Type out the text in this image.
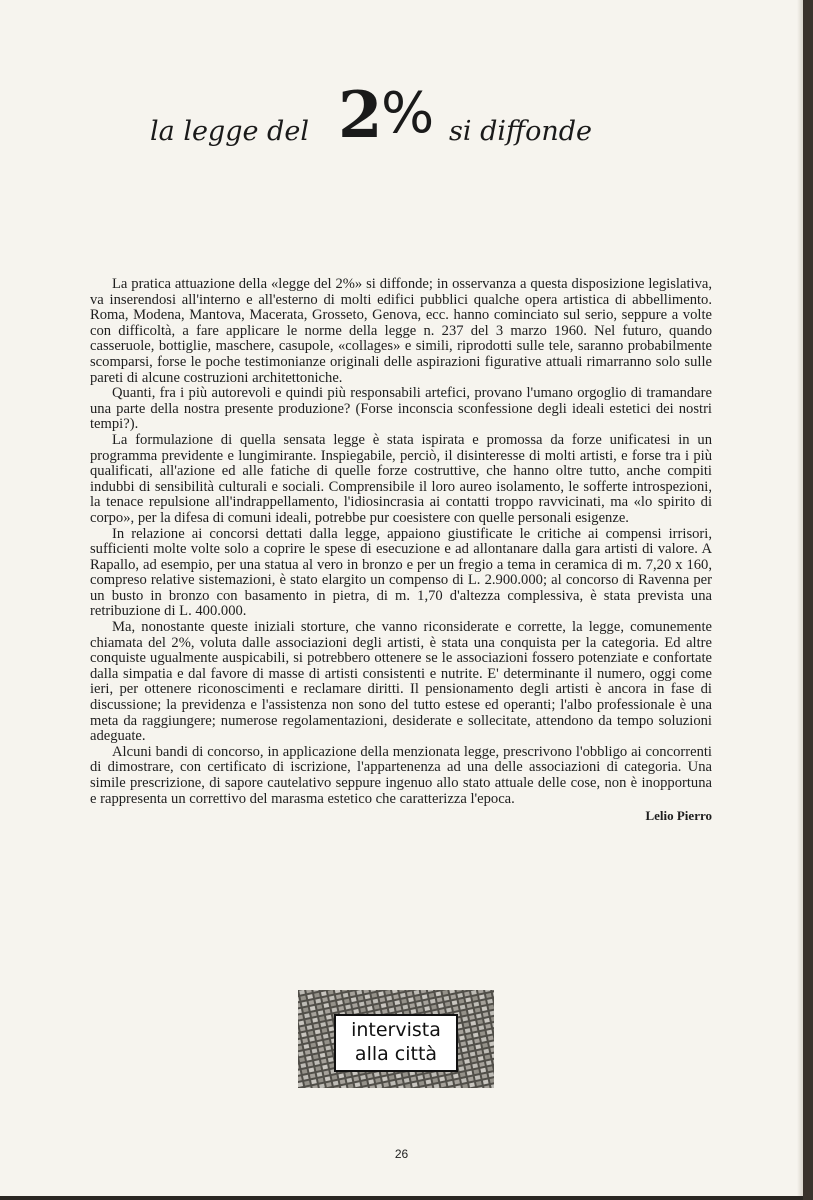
la legge del 2
% si diffonde

La pratica attuazione della «legge del 2%» si diffonde; in osservanza a questa disposizione legislativa, va inserendosi all'interno e all'esterno di molti edifici pubblici qualche opera artistica di abbellimento. Roma, Modena, Mantova, Macerata, Grosseto, Genova, ecc. hanno cominciato sul serio, seppure a volte con difficoltà, a fare applicare le norme della legge n. 237 del 3 marzo 1960. Nel futuro, quando casseruole, bottiglie, maschere, casupole, «collages» e simili, riprodotti sulle tele, saranno probabilmente scomparsi, forse le poche testimonianze originali delle aspirazioni figurative attuali rimarranno solo sulle pareti di alcune costruzioni architettoniche.

Quanti, fra i più autorevoli e quindi più responsabili artefici, provano l'umano orgoglio di tramandare una parte della nostra presente produzione? (Forse inconscia sconfessione degli ideali estetici dei nostri tempi?).

La formulazione di quella sensata legge è stata ispirata e promossa da forze unificatesi in un programma previdente e lungimirante. Inspiegabile, perciò, il disinteresse di molti artisti, e forse tra i più qualificati, all'azione ed alle fatiche di quelle forze costruttive, che hanno oltre tutto, anche compiti indubbi di sensibilità culturali e sociali. Comprensibile il loro aureo isolamento, le sofferte introspezioni, la tenace repulsione all'indrappellamento, l'idiosincrasia ai contatti troppo ravvicinati, ma «lo spirito di corpo», per la difesa di comuni ideali, potrebbe pur coesistere con quelle personali esigenze.

In relazione ai concorsi dettati dalla legge, appaiono giustificate le critiche ai compensi irrisori, sufficienti molte volte solo a coprire le spese di esecuzione e ad allontanare dalla gara artisti di valore. A Rapallo, ad esempio, per una statua al vero in bronzo e per un fregio a tema in ceramica di m. 7,20 x 160, compreso relative sistemazioni, è stato elargito un compenso di L. 2.900.000; al concorso di Ravenna per un busto in bronzo con basamento in pietra, di m. 1,70 d'altezza complessiva, è stata prevista una retribuzione di L. 400.000.

Ma, nonostante queste iniziali storture, che vanno riconsiderate e corrette, la legge, comunemente chiamata del 2%, voluta dalle associazioni degli artisti, è stata una conquista per la categoria. Ed altre conquiste ugualmente auspicabili, si potrebbero ottenere se le associazioni fossero potenziate e confortate dalla simpatia e dal favore di masse di artisti consistenti e nutrite. E' determinante il numero, oggi come ieri, per ottenere riconoscimenti e reclamare diritti. Il pensionamento degli artisti è ancora in fase di discussione; la previdenza e l'assistenza non sono del tutto estese ed operanti; l'albo professionale è una meta da raggiungere; numerose regolamentazioni, desiderate e sollecitate, attendono da tempo soluzioni adeguate.

Alcuni bandi di concorso, in applicazione della menzionata legge, prescrivono l'obbligo ai concorrenti di dimostrare, con certificato di iscrizione, l'appartenenza ad una delle associazioni di categoria. Una simile prescrizione, di sapore cautelativo seppure ingenuo allo stato attuale delle cose, non è inopportuna e rappresenta un correttivo del marasma estetico che caratterizza l'epoca.

Lelio Pierro
intervista
alla città
26
